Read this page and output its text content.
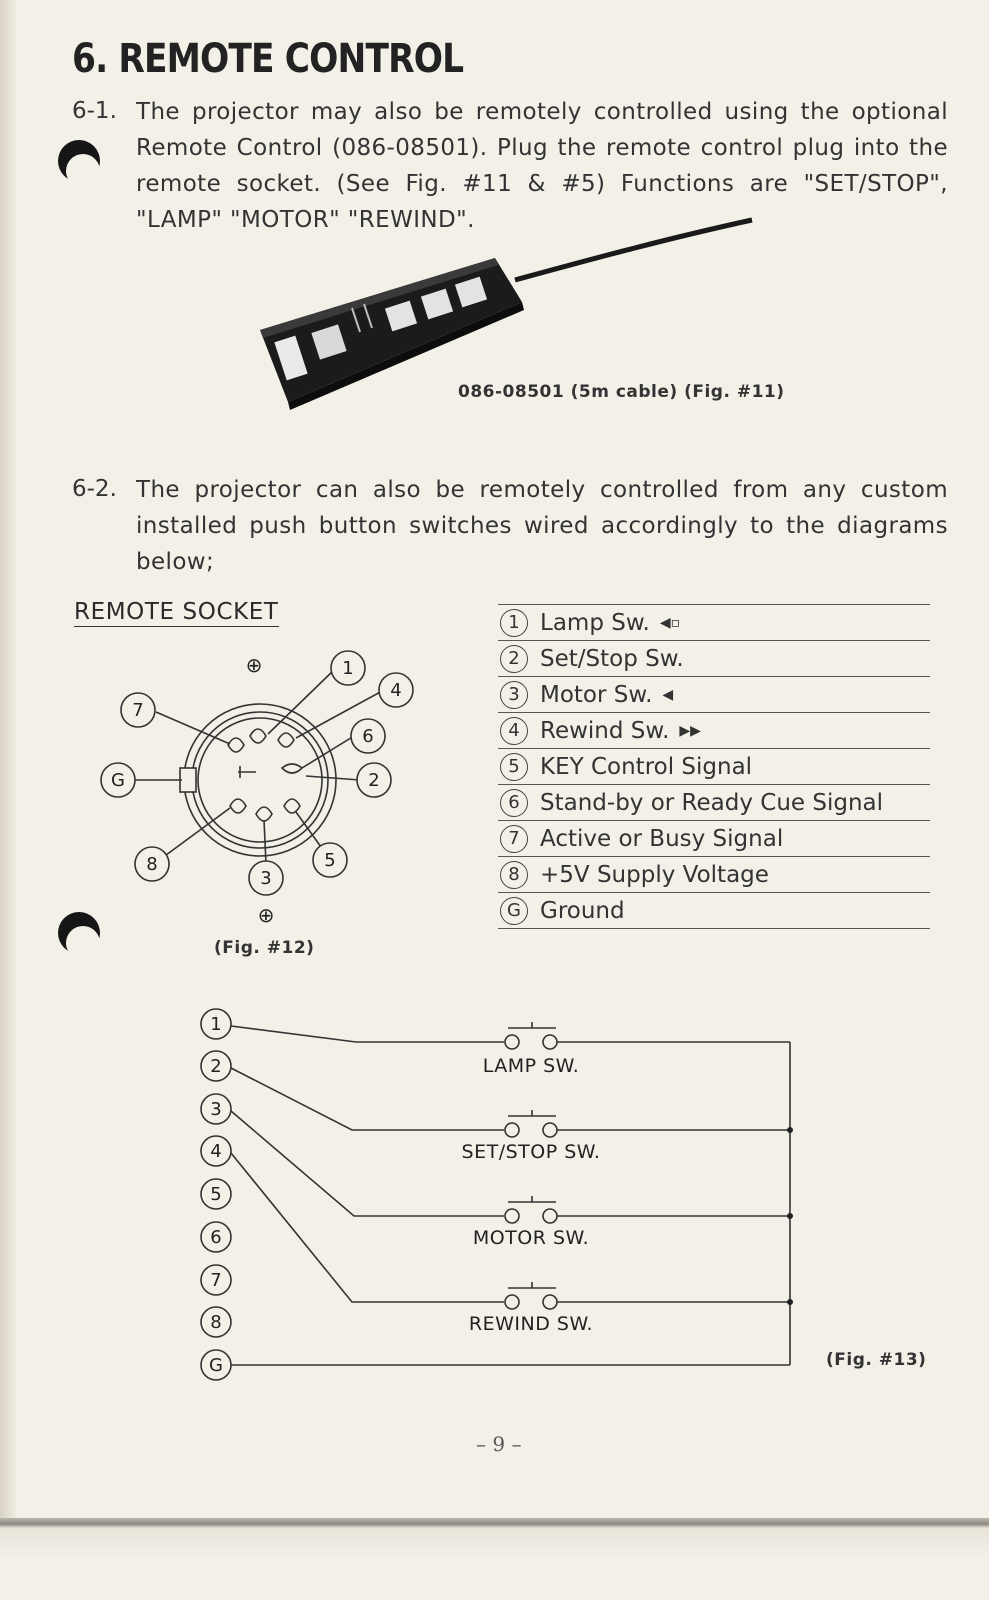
6. REMOTE CONTROL
6-1. The projector may also be remotely controlled using the optional
Remote Control (086-08501). Plug the remote control plug into the
remote socket. (See Fig. #11 & #5) Functions are "SET/STOP",
"LAMP" "MOTOR" "REWIND".
086-08501 (5m cable) (Fig. #11)
6-2. The projector can also be remotely controlled from any custom
installed push button switches wired accordingly to the diagrams
below;
REMOTE SOCKET
1
4
6
2
7
G
8
3
5
⊕
⊕
(Fig. #12)
1 Lamp Sw. ◀▫
2 Set/Stop Sw.
3 Motor Sw. ◀
4 Rewind Sw. ▶▶
5 KEY Control Signal
6 Stand-by or Ready Cue Signal
7 Active or Busy Signal
8 +5V Supply Voltage
G Ground
1
2
3
4
5
6
7
8
G
LAMP SW.
SET/STOP SW.
MOTOR SW.
REWIND SW.
(Fig. #13)
– 9 –
